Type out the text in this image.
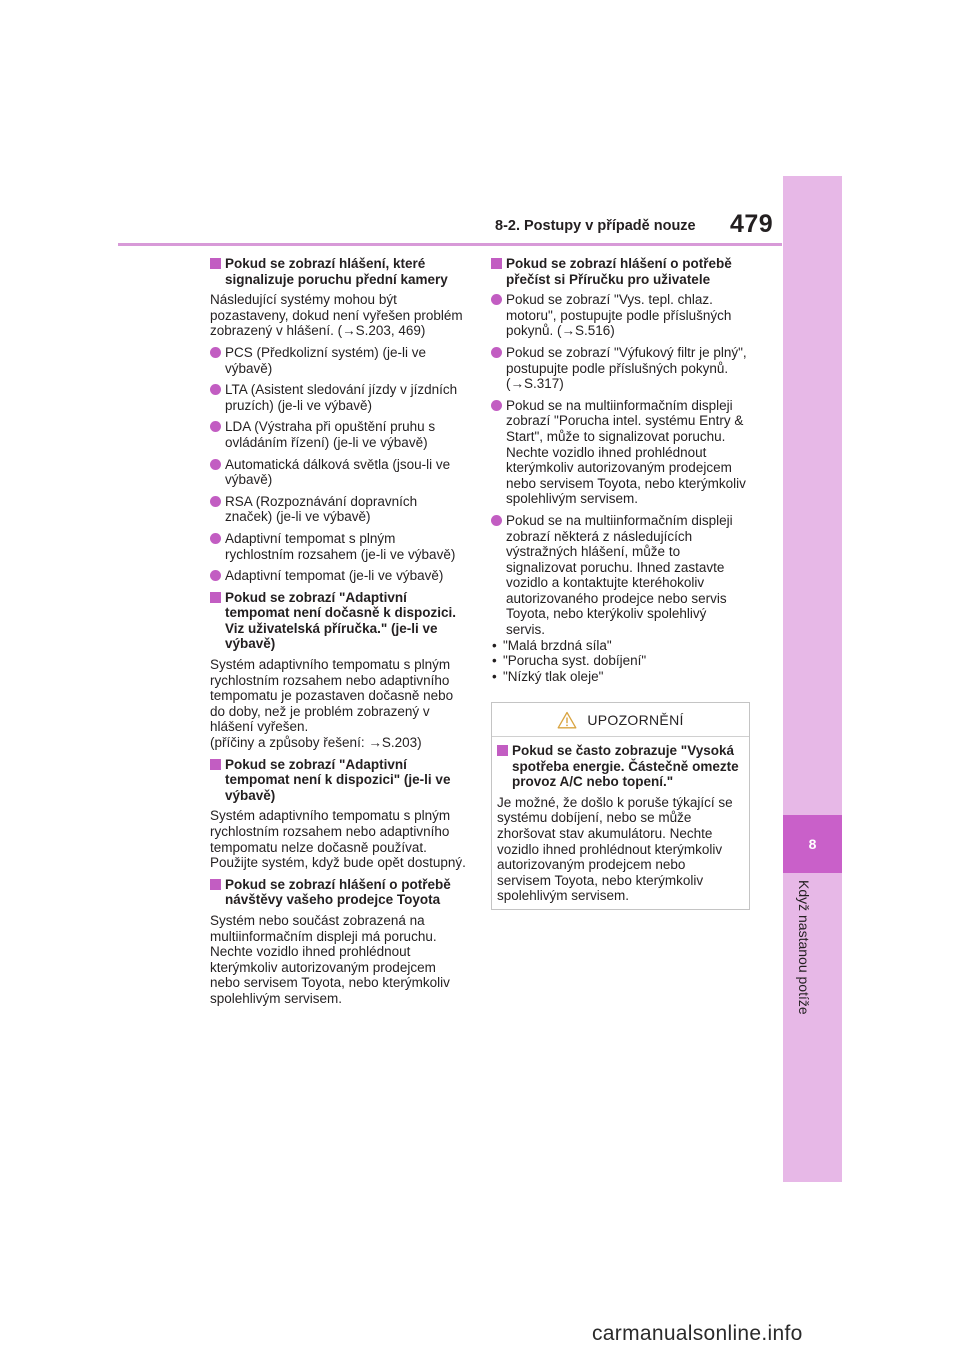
8-2. Postupy v případě nouze 479
8
Když nastanou potíže
Pokud se zobrazí hlášení, které signalizuje poruchu přední kamery
Následující systémy mohou být pozastaveny, dokud není vyřešen problém zobrazený v hlášení. (→S.203, 469)
PCS (Předkolizní systém) (je-li ve výbavě)
LTA (Asistent sledování jízdy v jízdních pruzích) (je-li ve výbavě)
LDA (Výstraha při opuštění pruhu s ovládáním řízení) (je-li ve výbavě)
Automatická dálková světla (jsou-li ve výbavě)
RSA (Rozpoznávání dopravních značek) (je-li ve výbavě)
Adaptivní tempomat s plným rychlostním rozsahem (je-li ve výbavě)
Adaptivní tempomat (je-li ve výbavě)
Pokud se zobrazí "Adaptivní tempomat není dočasně k dispozici. Viz uživatelská příručka." (je-li ve výbavě)
Systém adaptivního tempomatu s plným rychlostním rozsahem nebo adaptivního tempomatu je pozastaven dočasně nebo do doby, než je problém zobrazený v hlášení vyřešen.
(příčiny a způsoby řešení: →S.203)
Pokud se zobrazí "Adaptivní tempomat není k dispozici" (je-li ve výbavě)
Systém adaptivního tempomatu s plným rychlostním rozsahem nebo adaptivního tempomatu nelze dočasně používat. Použijte systém, když bude opět dostupný.
Pokud se zobrazí hlášení o potřebě návštěvy vašeho prodejce Toyota
Systém nebo součást zobrazená na multiinformačním displeji má poruchu. Nechte vozidlo ihned prohlédnout kterýmkoliv autorizovaným prodejcem nebo servisem Toyota, nebo kterýmkoliv spolehlivým servisem.
Pokud se zobrazí hlášení o potřebě přečíst si Příručku pro uživatele
Pokud se zobrazí "Vys. tepl. chlaz. motoru", postupujte podle příslušných pokynů. (→S.516)
Pokud se zobrazí "Výfukový filtr je plný", postupujte podle příslušných pokynů. (→S.317)
Pokud se na multiinformačním displeji zobrazí "Porucha intel. systému Entry & Start", může to signalizovat poruchu. Nechte vozidlo ihned prohlédnout kterýmkoliv autorizovaným prodejcem nebo servisem Toyota, nebo kterýmkoliv spolehlivým servisem.
Pokud se na multiinformačním displeji zobrazí některá z následujících výstražných hlášení, může to signalizovat poruchu. Ihned zastavte vozidlo a kontaktujte kteréhokoliv autorizovaného prodejce nebo servis Toyota, nebo kterýkoliv spolehlivý servis.
• "Malá brzdná síla"
• "Porucha syst. dobíjení"
• "Nízký tlak oleje"
UPOZORNĚNÍ
Pokud se často zobrazuje "Vysoká spotřeba energie. Částečně omezte provoz A/C nebo topení."
Je možné, že došlo k poruše týkající se systému dobíjení, nebo se může zhoršovat stav akumulátoru. Nechte vozidlo ihned prohlédnout kterýmkoliv autorizovaným prodejcem nebo servisem Toyota, nebo kterýmkoliv spolehlivým servisem.
carmanualsonline.info
